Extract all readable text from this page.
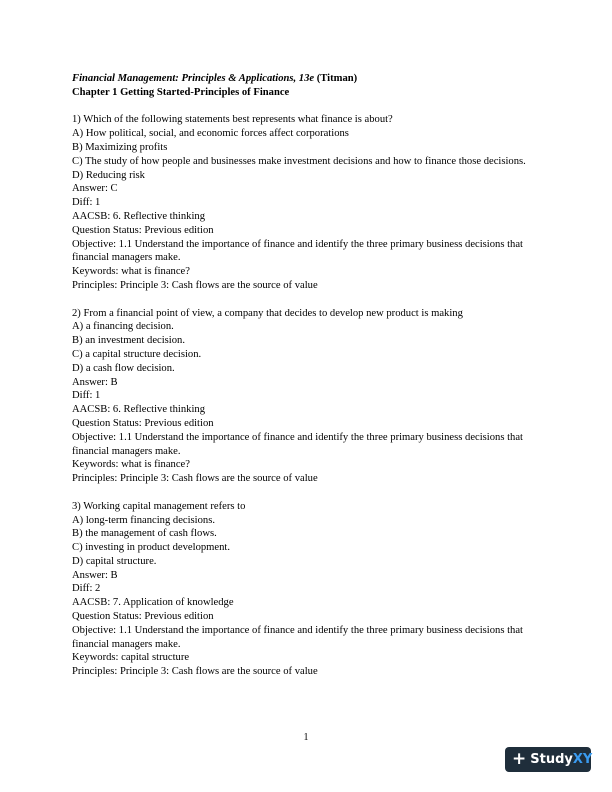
Financial Management: Principles & Applications, 13e (Titman)
Chapter 1 Getting Started-Principles of Finance
1) Which of the following statements best represents what finance is about?
A) How political, social, and economic forces affect corporations
B) Maximizing profits
C) The study of how people and businesses make investment decisions and how to finance those decisions.
D) Reducing risk
Answer: C
Diff: 1
AACSB: 6. Reflective thinking
Question Status: Previous edition
Objective: 1.1 Understand the importance of finance and identify the three primary business decisions that financial managers make.
Keywords: what is finance?
Principles: Principle 3: Cash flows are the source of value
2) From a financial point of view, a company that decides to develop new product is making
A) a financing decision.
B) an investment decision.
C) a capital structure decision.
D) a cash flow decision.
Answer: B
Diff: 1
AACSB: 6. Reflective thinking
Question Status: Previous edition
Objective: 1.1 Understand the importance of finance and identify the three primary business decisions that financial managers make.
Keywords: what is finance?
Principles: Principle 3: Cash flows are the source of value
3) Working capital management refers to
A) long-term financing decisions.
B) the management of cash flows.
C) investing in product development.
D) capital structure.
Answer: B
Diff: 2
AACSB: 7. Application of knowledge
Question Status: Previous edition
Objective: 1.1 Understand the importance of finance and identify the three primary business decisions that financial managers make.
Keywords: capital structure
Principles: Principle 3: Cash flows are the source of value
1
+ Study XY
